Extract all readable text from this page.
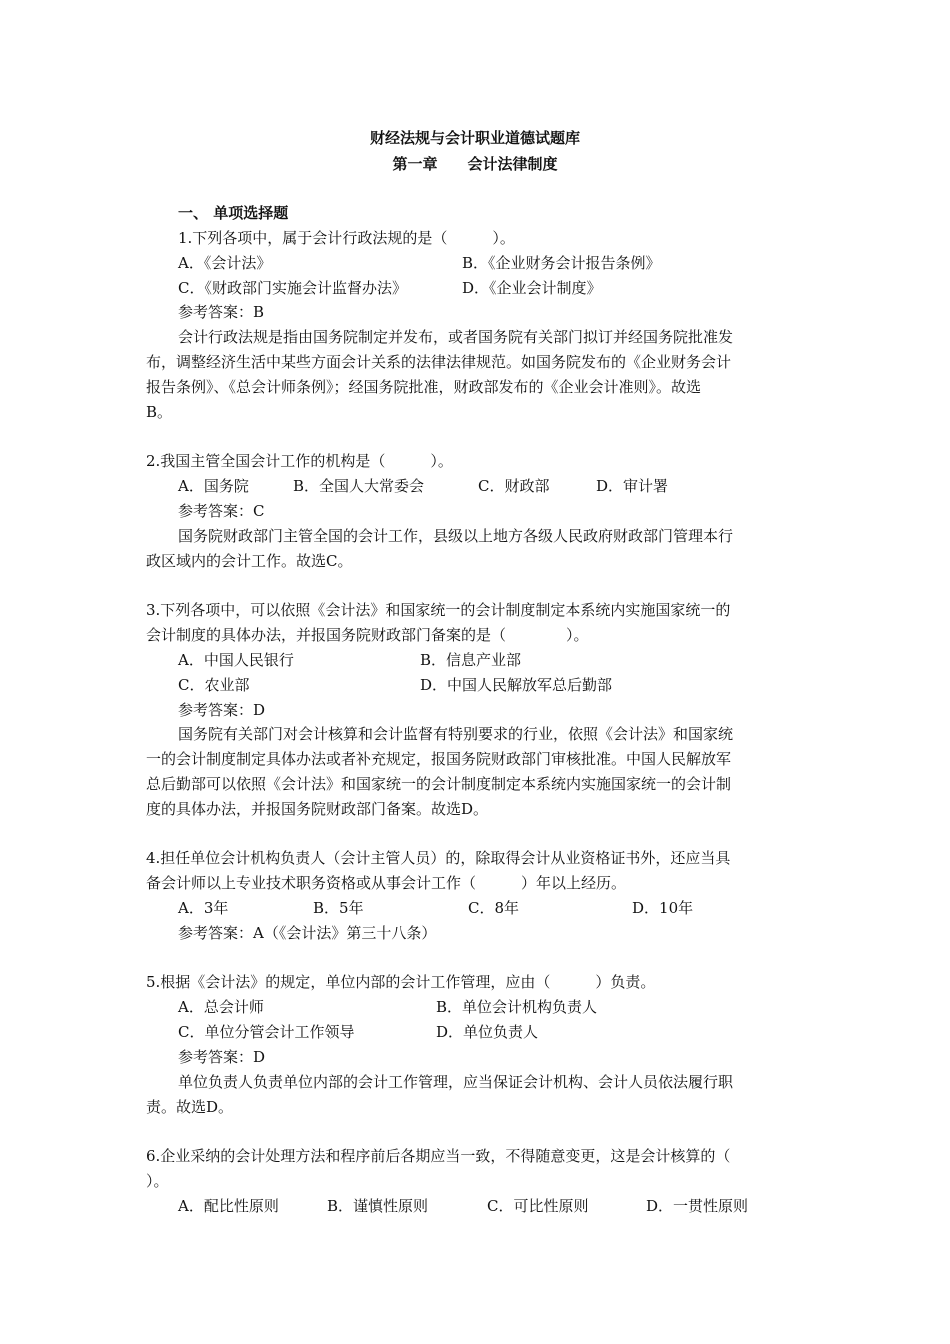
财经法规与会计职业道德试题库
第一章 会计法律制度
一、 单项选择题
1.下列各项中，属于会计行政法规的是（　　　）。
A．《会计法》	B．《企业财务会计报告条例》
C．《财政部门实施会计监督办法》	D．《企业会计制度》
参考答案：B
会计行政法规是指由国务院制定并发布，或者国务院有关部门拟订并经国务院批准发
布，调整经济生活中某些方面会计关系的法律法律规范。如国务院发布的《企业财务会计
报告条例》、《总会计师条例》；经国务院批准，财政部发布的《企业会计准则》。故选
B。
2.我国主管全国会计工作的机构是（　　　）。
A．国务院	B．全国人大常委会	C．财政部	D．审计署
参考答案：C
国务院财政部门主管全国的会计工作，县级以上地方各级人民政府财政部门管理本行
政区域内的会计工作。故选C。
3.下列各项中，可以依照《会计法》和国家统一的会计制度制定本系统内实施国家统一的
会计制度的具体办法，并报国务院财政部门备案的是（　　　　）。
A．中国人民银行	B．信息产业部
C．农业部	D．中国人民解放军总后勤部
参考答案：D
国务院有关部门对会计核算和会计监督有特别要求的行业，依照《会计法》和国家统
一的会计制度制定具体办法或者补充规定，报国务院财政部门审核批准。中国人民解放军
总后勤部可以依照《会计法》和国家统一的会计制度制定本系统内实施国家统一的会计制
度的具体办法，并报国务院财政部门备案。故选D。
4.担任单位会计机构负责人（会计主管人员）的，除取得会计从业资格证书外，还应当具
备会计师以上专业技术职务资格或从事会计工作（　　　）年以上经历。
A．3年	B．5年	C．8年	D．10年
参考答案：A（《会计法》第三十八条）
5.根据《会计法》的规定，单位内部的会计工作管理，应由（　　　）负责。
A．总会计师	B．单位会计机构负责人
C．单位分管会计工作领导	D．单位负责人
参考答案：D
单位负责人负责单位内部的会计工作管理，应当保证会计机构、会计人员依法履行职
责。故选D。
6.企业采纳的会计处理方法和程序前后各期应当一致，不得随意变更，这是会计核算的（
）。
A．配比性原则	B．谨慎性原则	C．可比性原则	D．一贯性原则
